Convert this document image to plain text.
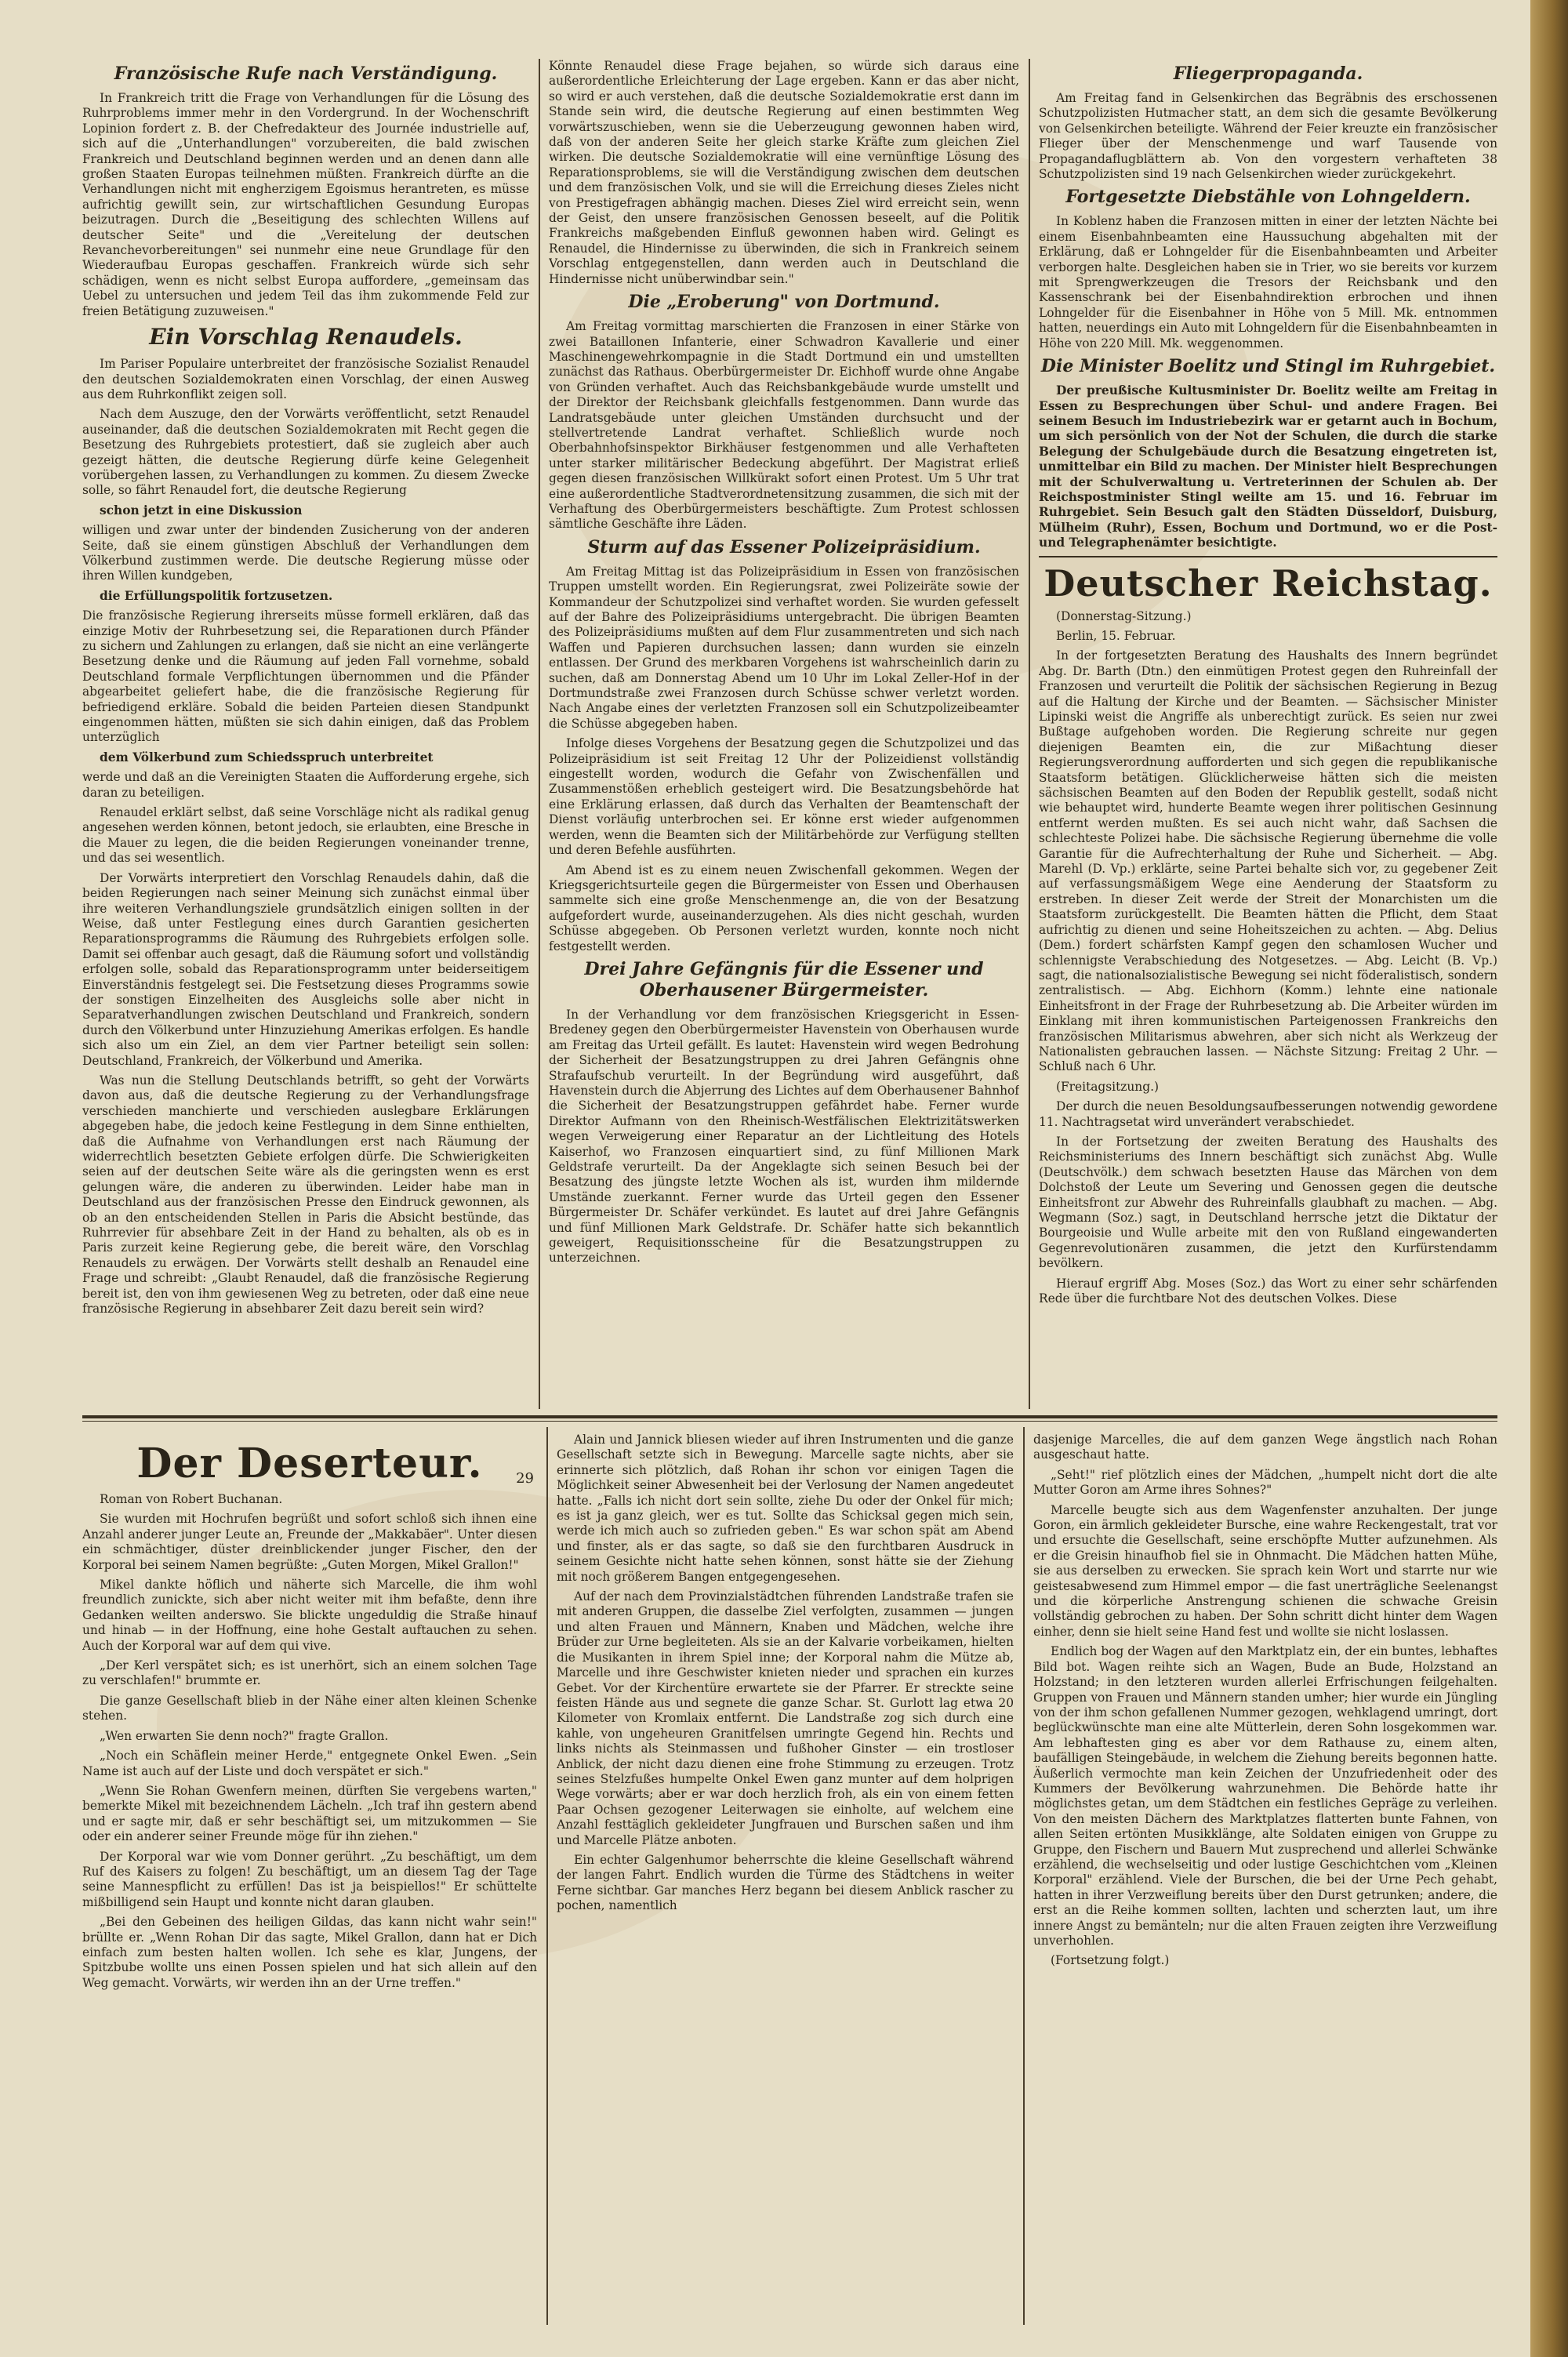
Französische Rufe nach Verständigung.

In Frankreich tritt die Frage von Verhandlungen für die Lösung des Ruhrproblems immer mehr in den Vordergrund. In der Wochenschrift Lopinion fordert z. B. der Chefredakteur des Journée industrielle auf, sich auf die „Unterhandlungen" vorzubereiten, die bald zwischen Frankreich und Deutschland beginnen werden und an denen dann alle großen Staaten Europas teilnehmen müßten. Frankreich dürfte an die Verhandlungen nicht mit engherzigem Egoismus herantreten, es müsse aufrichtig gewillt sein, zur wirtschaftlichen Gesundung Europas beizutragen. Durch die „Beseitigung des schlechten Willens auf deutscher Seite" und die „Vereitelung der deutschen Revanchevorbereitungen" sei nunmehr eine neue Grundlage für den Wiederaufbau Europas geschaffen. Frankreich würde sich sehr schädigen, wenn es nicht selbst Europa auffordere, „gemeinsam das Uebel zu untersuchen und jedem Teil das ihm zukommende Feld zur freien Betätigung zuzuweisen."

Ein Vorschlag Renaudels.

Im Pariser Populaire unterbreitet der französische Sozialist Renaudel den deutschen Sozialdemokraten einen Vorschlag, der einen Ausweg aus dem Ruhrkonflikt zeigen soll.

Nach dem Auszuge, den der Vorwärts veröffentlicht, setzt Renaudel auseinander, daß die deutschen Sozialdemokraten mit Recht gegen die Besetzung des Ruhrgebiets protestiert, daß sie zugleich aber auch gezeigt hätten, die deutsche Regierung dürfe keine Gelegenheit vorübergehen lassen, zu Verhandlungen zu kommen. Zu diesem Zwecke solle, so fährt Renaudel fort, die deutsche Regierung

schon jetzt in eine Diskussion

willigen und zwar unter der bindenden Zusicherung von der anderen Seite, daß sie einem günstigen Abschluß der Verhandlungen dem Völkerbund zustimmen werde. Die deutsche Regierung müsse oder ihren Willen kundgeben,

die Erfüllungspolitik fortzusetzen.

Die französische Regierung ihrerseits müsse formell erklären, daß das einzige Motiv der Ruhrbesetzung sei, die Reparationen durch Pfänder zu sichern und Zahlungen zu erlangen, daß sie nicht an eine verlängerte Besetzung denke und die Räumung auf jeden Fall vornehme, sobald Deutschland formale Verpflichtungen übernommen und die Pfänder abgearbeitet geliefert habe, die die französische Regierung für befriedigend erkläre. Sobald die beiden Parteien diesen Standpunkt eingenommen hätten, müßten sie sich dahin einigen, daß das Problem unterzüglich

dem Völkerbund zum Schiedsspruch unterbreitet

werde und daß an die Vereinigten Staaten die Aufforderung ergehe, sich daran zu beteiligen.

Renaudel erklärt selbst, daß seine Vorschläge nicht als radikal genug angesehen werden können, betont jedoch, sie erlaubten, eine Bresche in die Mauer zu legen, die die beiden Regierungen voneinander trenne, und das sei wesentlich.

Der Vorwärts interpretiert den Vorschlag Renaudels dahin, daß die beiden Regierungen nach seiner Meinung sich zunächst einmal über ihre weiteren Verhandlungsziele grundsätzlich einigen sollten in der Weise, daß unter Festlegung eines durch Garantien gesicherten Reparationsprogramms die Räumung des Ruhrgebiets erfolgen solle. Damit sei offenbar auch gesagt, daß die Räumung sofort und vollständig erfolgen solle, sobald das Reparationsprogramm unter beiderseitigem Einverständnis festgelegt sei. Die Festsetzung dieses Programms sowie der sonstigen Einzelheiten des Ausgleichs solle aber nicht in Separatverhandlungen zwischen Deutschland und Frankreich, sondern durch den Völkerbund unter Hinzuziehung Amerikas erfolgen. Es handle sich also um ein Ziel, an dem vier Partner beteiligt sein sollen: Deutschland, Frankreich, der Völkerbund und Amerika.

Was nun die Stellung Deutschlands betrifft, so geht der Vorwärts davon aus, daß die deutsche Regierung zu der Verhandlungsfrage verschieden manchierte und verschieden auslegbare Erklärungen abgegeben habe, die jedoch keine Festlegung in dem Sinne enthielten, daß die Aufnahme von Verhandlungen erst nach Räumung der widerrechtlich besetzten Gebiete erfolgen dürfe. Die Schwierigkeiten seien auf der deutschen Seite wäre als die geringsten wenn es erst gelungen wäre, die anderen zu überwinden. Leider habe man in Deutschland aus der französischen Presse den Eindruck gewonnen, als ob an den entscheidenden Stellen in Paris die Absicht bestünde, das Ruhrrevier für absehbare Zeit in der Hand zu behalten, als ob es in Paris zurzeit keine Regierung gebe, die bereit wäre, den Vorschlag Renaudels zu erwägen. Der Vorwärts stellt deshalb an Renaudel eine Frage und schreibt: „Glaubt Renaudel, daß die französische Regierung bereit ist, den von ihm gewiesenen Weg zu betreten, oder daß eine neue französische Regierung in absehbarer Zeit dazu bereit sein wird?

Könnte Renaudel diese Frage bejahen, so würde sich daraus eine außerordentliche Erleichterung der Lage ergeben. Kann er das aber nicht, so wird er auch verstehen, daß die deutsche Sozialdemokratie erst dann im Stande sein wird, die deutsche Regierung auf einen bestimmten Weg vorwärtszuschieben, wenn sie die Ueberzeugung gewonnen haben wird, daß von der anderen Seite her gleich starke Kräfte zum gleichen Ziel wirken. Die deutsche Sozialdemokratie will eine vernünftige Lösung des Reparationsproblems, sie will die Verständigung zwischen dem deutschen und dem französischen Volk, und sie will die Erreichung dieses Zieles nicht von Prestigefragen abhängig machen. Dieses Ziel wird erreicht sein, wenn der Geist, den unsere französischen Genossen beseelt, auf die Politik Frankreichs maßgebenden Einfluß gewonnen haben wird. Gelingt es Renaudel, die Hindernisse zu überwinden, die sich in Frankreich seinem Vorschlag entgegenstellen, dann werden auch in Deutschland die Hindernisse nicht unüberwindbar sein."

Die „Eroberung" von Dortmund.

Am Freitag vormittag marschierten die Franzosen in einer Stärke von zwei Bataillonen Infanterie, einer Schwadron Kavallerie und einer Maschinengewehrkompagnie in die Stadt Dortmund ein und umstellten zunächst das Rathaus. Oberbürgermeister Dr. Eichhoff wurde ohne Angabe von Gründen verhaftet. Auch das Reichsbankgebäude wurde umstellt und der Direktor der Reichsbank gleichfalls festgenommen. Dann wurde das Landratsgebäude unter gleichen Umständen durchsucht und der stellvertretende Landrat verhaftet. Schließlich wurde noch Oberbahnhofsinspektor Birkhäuser festgenommen und alle Verhafteten unter starker militärischer Bedeckung abgeführt. Der Magistrat erließ gegen diesen französischen Willkürakt sofort einen Protest. Um 5 Uhr trat eine außerordentliche Stadtverordnetensitzung zusammen, die sich mit der Verhaftung des Oberbürgermeisters beschäftigte. Zum Protest schlossen sämtliche Geschäfte ihre Läden.

Sturm auf das Essener Polizeipräsidium.

Am Freitag Mittag ist das Polizeipräsidium in Essen von französischen Truppen umstellt worden. Ein Regierungsrat, zwei Polizeiräte sowie der Kommandeur der Schutzpolizei sind verhaftet worden. Sie wurden gefesselt auf der Bahre des Polizeipräsidiums untergebracht. Die übrigen Beamten des Polizeipräsidiums mußten auf dem Flur zusammentreten und sich nach Waffen und Papieren durchsuchen lassen; dann wurden sie einzeln entlassen. Der Grund des merkbaren Vorgehens ist wahrscheinlich darin zu suchen, daß am Donnerstag Abend um 10 Uhr im Lokal Zeller-Hof in der Dortmundstraße zwei Franzosen durch Schüsse schwer verletzt worden. Nach Angabe eines der verletzten Franzosen soll ein Schutzpolizeibeamter die Schüsse abgegeben haben.

Infolge dieses Vorgehens der Besatzung gegen die Schutzpolizei und das Polizeipräsidium ist seit Freitag 12 Uhr der Polizeidienst vollständig eingestellt worden, wodurch die Gefahr von Zwischenfällen und Zusammenstößen erheblich gesteigert wird. Die Besatzungsbehörde hat eine Erklärung erlassen, daß durch das Verhalten der Beamtenschaft der Dienst vorläufig unterbrochen sei. Er könne erst wieder aufgenommen werden, wenn die Beamten sich der Militärbehörde zur Verfügung stellten und deren Befehle ausführten.

Am Abend ist es zu einem neuen Zwischenfall gekommen. Wegen der Kriegsgerichtsurteile gegen die Bürgermeister von Essen und Oberhausen sammelte sich eine große Menschenmenge an, die von der Besatzung aufgefordert wurde, auseinanderzugehen. Als dies nicht geschah, wurden Schüsse abgegeben. Ob Personen verletzt wurden, konnte noch nicht festgestellt werden.

Drei Jahre Gefängnis für die Essener und Oberhausener Bürgermeister.

In der Verhandlung vor dem französischen Kriegsgericht in Essen-Bredeney gegen den Oberbürgermeister Havenstein von Oberhausen wurde am Freitag das Urteil gefällt. Es lautet: Havenstein wird wegen Bedrohung der Sicherheit der Besatzungstruppen zu drei Jahren Gefängnis ohne Strafaufschub verurteilt. In der Begründung wird ausgeführt, daß Havenstein durch die Abjerrung des Lichtes auf dem Oberhausener Bahnhof die Sicherheit der Besatzungstruppen gefährdet habe. Ferner wurde Direktor Aufmann von den Rheinisch-Westfälischen Elektrizitätswerken wegen Verweigerung einer Reparatur an der Lichtleitung des Hotels Kaiserhof, wo Franzosen einquartiert sind, zu fünf Millionen Mark Geldstrafe verurteilt. Da der Angeklagte sich seinen Besuch bei der Besatzung des jüngste letzte Wochen als ist, wurden ihm mildernde Umstände zuerkannt. Ferner wurde das Urteil gegen den Essener Bürgermeister Dr. Schäfer verkündet. Es lautet auf drei Jahre Gefängnis und fünf Millionen Mark Geldstrafe. Dr. Schäfer hatte sich bekanntlich geweigert, Requisitionsscheine für die Besatzungstruppen zu unterzeichnen.

Fliegerpropaganda.

Am Freitag fand in Gelsenkirchen das Begräbnis des erschossenen Schutzpolizisten Hutmacher statt, an dem sich die gesamte Bevölkerung von Gelsenkirchen beteiligte. Während der Feier kreuzte ein französischer Flieger über der Menschenmenge und warf Tausende von Propagandaflugblättern ab. Von den vorgestern verhafteten 38 Schutzpolizisten sind 19 nach Gelsenkirchen wieder zurückgekehrt.

Fortgesetzte Diebstähle von Lohngeldern.

In Koblenz haben die Franzosen mitten in einer der letzten Nächte bei einem Eisenbahnbeamten eine Haussuchung abgehalten mit der Erklärung, daß er Lohngelder für die Eisenbahnbeamten und Arbeiter verborgen halte. Desgleichen haben sie in Trier, wo sie bereits vor kurzem mit Sprengwerkzeugen die Tresors der Reichsbank und den Kassenschrank bei der Eisenbahndirektion erbrochen und ihnen Lohngelder für die Eisenbahner in Höhe von 5 Mill. Mk. entnommen hatten, neuerdings ein Auto mit Lohngeldern für die Eisenbahnbeamten in Höhe von 220 Mill. Mk. weggenommen.

Die Minister Boelitz und Stingl im Ruhrgebiet.

Der preußische Kultusminister Dr. Boelitz weilte am Freitag in Essen zu Besprechungen über Schul- und andere Fragen. Bei seinem Besuch im Industriebezirk war er getarnt auch in Bochum, um sich persönlich von der Not der Schulen, die durch die starke Belegung der Schulgebäude durch die Besatzung eingetreten ist, unmittelbar ein Bild zu machen. Der Minister hielt Besprechungen mit der Schulverwaltung u. Vertreterinnen der Schulen ab. Der Reichspostminister Stingl weilte am 15. und 16. Februar im Ruhrgebiet. Sein Besuch galt den Städten Düsseldorf, Duisburg, Mülheim (Ruhr), Essen, Bochum und Dortmund, wo er die Post- und Telegraphenämter besichtigte.

Deutscher Reichstag.

(Donnerstag-Sitzung.)

Berlin, 15. Februar.

In der fortgesetzten Beratung des Haushalts des Innern begründet Abg. Dr. Barth (Dtn.) den einmütigen Protest gegen den Ruhreinfall der Franzosen und verurteilt die Politik der sächsischen Regierung in Bezug auf die Haltung der Kirche und der Beamten. — Sächsischer Minister Lipinski weist die Angriffe als unberechtigt zurück. Es seien nur zwei Bußtage aufgehoben worden. Die Regierung schreite nur gegen diejenigen Beamten ein, die zur Mißachtung dieser Regierungsverordnung aufforderten und sich gegen die republikanische Staatsform betätigen. Glücklicherweise hätten sich die meisten sächsischen Beamten auf den Boden der Republik gestellt, sodaß nicht wie behauptet wird, hunderte Beamte wegen ihrer politischen Gesinnung entfernt werden mußten. Es sei auch nicht wahr, daß Sachsen die schlechteste Polizei habe. Die sächsische Regierung übernehme die volle Garantie für die Aufrechterhaltung der Ruhe und Sicherheit. — Abg. Marehl (D. Vp.) erklärte, seine Partei behalte sich vor, zu gegebener Zeit auf verfassungsmäßigem Wege eine Aenderung der Staatsform zu erstreben. In dieser Zeit werde der Streit der Monarchisten um die Staatsform zurückgestellt. Die Beamten hätten die Pflicht, dem Staat aufrichtig zu dienen und seine Hoheitszeichen zu achten. — Abg. Delius (Dem.) fordert schärfsten Kampf gegen den schamlosen Wucher und schlennigste Verabschiedung des Notgesetzes. — Abg. Leicht (B. Vp.) sagt, die nationalsozialistische Bewegung sei nicht föderalistisch, sondern zentralistisch. — Abg. Eichhorn (Komm.) lehnte eine nationale Einheitsfront in der Frage der Ruhrbesetzung ab. Die Arbeiter würden im Einklang mit ihren kommunistischen Parteigenossen Frankreichs den französischen Militarismus abwehren, aber sich nicht als Werkzeug der Nationalisten gebrauchen lassen. — Nächste Sitzung: Freitag 2 Uhr. — Schluß nach 6 Uhr.

(Freitagsitzung.)

Der durch die neuen Besoldungsaufbesserungen notwendig gewordene 11. Nachtragsetat wird unverändert verabschiedet.

In der Fortsetzung der zweiten Beratung des Haushalts des Reichsministeriums des Innern beschäftigt sich zunächst Abg. Wulle (Deutschvölk.) dem schwach besetzten Hause das Märchen von dem Dolchstoß der Leute um Severing und Genossen gegen die deutsche Einheitsfront zur Abwehr des Ruhreinfalls glaubhaft zu machen. — Abg. Wegmann (Soz.) sagt, in Deutschland herrsche jetzt die Diktatur der Bourgeoisie und Wulle arbeite mit den von Rußland eingewanderten Gegenrevolutionären zusammen, die jetzt den Kurfürstendamm bevölkern.

Hierauf ergriff Abg. Moses (Soz.) das Wort zu einer sehr schärfenden Rede über die furchtbare Not des deutschen Volkes. Diese

29
Der Deserteur.

Roman von Robert Buchanan.

Sie wurden mit Hochrufen begrüßt und sofort schloß sich ihnen eine Anzahl anderer junger Leute an, Freunde der „Makkabäer". Unter diesen ein schmächtiger, düster dreinblickender junger Fischer, den der Korporal bei seinem Namen begrüßte: „Guten Morgen, Mikel Grallon!"

Mikel dankte höflich und näherte sich Marcelle, die ihm wohl freundlich zunickte, sich aber nicht weiter mit ihm befaßte, denn ihre Gedanken weilten anderswo. Sie blickte ungeduldig die Straße hinauf und hinab — in der Hoffnung, eine hohe Gestalt auftauchen zu sehen. Auch der Korporal war auf dem qui vive.

„Der Kerl verspätet sich; es ist unerhört, sich an einem solchen Tage zu verschlafen!" brummte er.

Die ganze Gesellschaft blieb in der Nähe einer alten kleinen Schenke stehen.

„Wen erwarten Sie denn noch?" fragte Grallon.

„Noch ein Schäflein meiner Herde," entgegnete Onkel Ewen. „Sein Name ist auch auf der Liste und doch verspätet er sich."

„Wenn Sie Rohan Gwenfern meinen, dürften Sie vergebens warten," bemerkte Mikel mit bezeichnendem Lächeln. „Ich traf ihn gestern abend und er sagte mir, daß er sehr beschäftigt sei, um mitzukommen — Sie oder ein anderer seiner Freunde möge für ihn ziehen."

Der Korporal war wie vom Donner gerührt. „Zu beschäftigt, um dem Ruf des Kaisers zu folgen! Zu beschäftigt, um an diesem Tag der Tage seine Mannespflicht zu erfüllen! Das ist ja beispiellos!" Er schüttelte mißbilligend sein Haupt und konnte nicht daran glauben.

„Bei den Gebeinen des heiligen Gildas, das kann nicht wahr sein!" brüllte er. „Wenn Rohan Dir das sagte, Mikel Grallon, dann hat er Dich einfach zum besten halten wollen. Ich sehe es klar, Jungens, der Spitzbube wollte uns einen Possen spielen und hat sich allein auf den Weg gemacht. Vorwärts, wir werden ihn an der Urne treffen."

Alain und Jannick bliesen wieder auf ihren Instrumenten und die ganze Gesellschaft setzte sich in Bewegung. Marcelle sagte nichts, aber sie erinnerte sich plötzlich, daß Rohan ihr schon vor einigen Tagen die Möglichkeit seiner Abwesenheit bei der Verlosung der Namen angedeutet hatte. „Falls ich nicht dort sein sollte, ziehe Du oder der Onkel für mich; es ist ja ganz gleich, wer es tut. Sollte das Schicksal gegen mich sein, werde ich mich auch so zufrieden geben." Es war schon spät am Abend und finster, als er das sagte, so daß sie den furchtbaren Ausdruck in seinem Gesichte nicht hatte sehen können, sonst hätte sie der Ziehung mit noch größerem Bangen entgegengesehen.

Auf der nach dem Provinzialstädtchen führenden Landstraße trafen sie mit anderen Gruppen, die dasselbe Ziel verfolgten, zusammen — jungen und alten Frauen und Männern, Knaben und Mädchen, welche ihre Brüder zur Urne begleiteten. Als sie an der Kalvarie vorbeikamen, hielten die Musikanten in ihrem Spiel inne; der Korporal nahm die Mütze ab, Marcelle und ihre Geschwister knieten nieder und sprachen ein kurzes Gebet. Vor der Kirchentüre erwartete sie der Pfarrer. Er streckte seine feisten Hände aus und segnete die ganze Schar. St. Gurlott lag etwa 20 Kilometer von Kromlaix entfernt. Die Landstraße zog sich durch eine kahle, von ungeheuren Granitfelsen umringte Gegend hin. Rechts und links nichts als Steinmassen und fußhoher Ginster — ein trostloser Anblick, der nicht dazu dienen eine frohe Stimmung zu erzeugen. Trotz seines Stelzfußes humpelte Onkel Ewen ganz munter auf dem holprigen Wege vorwärts; aber er war doch herzlich froh, als ein von einem fetten Paar Ochsen gezogener Leiterwagen sie einholte, auf welchem eine Anzahl festtäglich gekleideter Jungfrauen und Burschen saßen und ihm und Marcelle Plätze anboten.

Ein echter Galgenhumor beherrschte die kleine Gesellschaft während der langen Fahrt. Endlich wurden die Türme des Städtchens in weiter Ferne sichtbar. Gar manches Herz begann bei diesem Anblick rascher zu pochen, namentlich

dasjenige Marcelles, die auf dem ganzen Wege ängstlich nach Rohan ausgeschaut hatte.

„Seht!" rief plötzlich eines der Mädchen, „humpelt nicht dort die alte Mutter Goron am Arme ihres Sohnes?"

Marcelle beugte sich aus dem Wagenfenster anzuhalten. Der junge Goron, ein ärmlich gekleideter Bursche, eine wahre Reckengestalt, trat vor und ersuchte die Gesellschaft, seine erschöpfte Mutter aufzunehmen. Als er die Greisin hinaufhob fiel sie in Ohnmacht. Die Mädchen hatten Mühe, sie aus derselben zu erwecken. Sie sprach kein Wort und starrte nur wie geistesabwesend zum Himmel empor — die fast unerträgliche Seelenangst und die körperliche Anstrengung schienen die schwache Greisin vollständig gebrochen zu haben. Der Sohn schritt dicht hinter dem Wagen einher, denn sie hielt seine Hand fest und wollte sie nicht loslassen.

Endlich bog der Wagen auf den Marktplatz ein, der ein buntes, lebhaftes Bild bot. Wagen reihte sich an Wagen, Bude an Bude, Holzstand an Holzstand; in den letzteren wurden allerlei Erfrischungen feilgehalten. Gruppen von Frauen und Männern standen umher; hier wurde ein Jüngling von der ihm schon gefallenen Nummer gezogen, wehklagend umringt, dort beglückwünschte man eine alte Mütterlein, deren Sohn losgekommen war. Am lebhaftesten ging es aber vor dem Rathause zu, einem alten, baufälligen Steingebäude, in welchem die Ziehung bereits begonnen hatte. Äußerlich vermochte man kein Zeichen der Unzufriedenheit oder des Kummers der Bevölkerung wahrzunehmen. Die Behörde hatte ihr möglichstes getan, um dem Städtchen ein festliches Gepräge zu verleihen. Von den meisten Dächern des Marktplatzes flatterten bunte Fahnen, von allen Seiten ertönten Musikklänge, alte Soldaten einigen von Gruppe zu Gruppe, den Fischern und Bauern Mut zusprechend und allerlei Schwänke erzählend, die wechselseitig und oder lustige Geschichtchen vom „Kleinen Korporal" erzählend. Viele der Burschen, die bei der Urne Pech gehabt, hatten in ihrer Verzweiflung bereits über den Durst getrunken; andere, die erst an die Reihe kommen sollten, lachten und scherzten laut, um ihre innere Angst zu bemänteln; nur die alten Frauen zeigten ihre Verzweiflung unverhohlen.

(Fortsetzung folgt.)
